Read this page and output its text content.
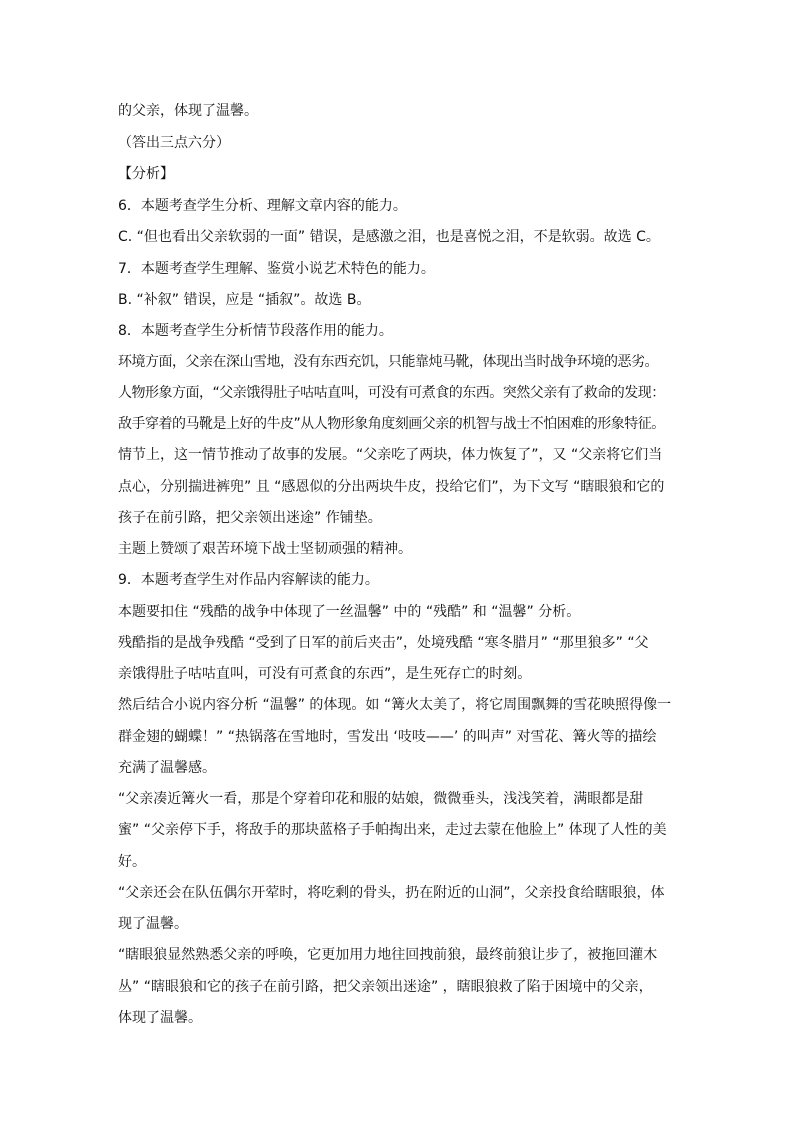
的父亲，体现了温馨。
（答出三点六分）
【分析】
6．本题考查学生分析、理解文章内容的能力。
C. “但也看出父亲软弱的一面” 错误，是感激之泪，也是喜悦之泪，不是软弱。故选 C。
7．本题考查学生理解、鉴赏小说艺术特色的能力。
B. “补叙” 错误，应是 “插叙”。故选 B。
8．本题考查学生分析情节段落作用的能力。
环境方面，父亲在深山雪地，没有东西充饥，只能靠炖马靴，体现出当时战争环境的恶劣。
人物形象方面，“父亲饿得肚子咕咕直叫，可没有可煮食的东西。突然父亲有了救命的发现：
敌手穿着的马靴是上好的牛皮”从人物形象角度刻画父亲的机智与战士不怕困难的形象特征。
情节上，这一情节推动了故事的发展。“父亲吃了两块，体力恢复了”，又 “父亲将它们当
点心，分别揣进裤兜” 且 “感恩似的分出两块牛皮，投给它们”，为下文写 “瞎眼狼和它的
孩子在前引路，把父亲领出迷途” 作铺垫。
主题上赞颂了艰苦环境下战士坚韧顽强的精神。
9．本题考查学生对作品内容解读的能力。
本题要扣住 “残酷的战争中体现了一丝温馨” 中的 “残酷” 和 “温馨” 分析。
残酷指的是战争残酷 “受到了日军的前后夹击”，处境残酷 “寒冬腊月” “那里狼多” “父
亲饿得肚子咕咕直叫，可没有可煮食的东西”，是生死存亡的时刻。
然后结合小说内容分析 “温馨” 的体现。如 “篝火太美了，将它周围飘舞的雪花映照得像一
群金翅的蝴蝶！” “热锅落在雪地时，雪发出 ‘吱吱——’ 的叫声” 对雪花、篝火等的描绘
充满了温馨感。
“父亲凑近篝火一看，那是个穿着印花和服的姑娘，微微垂头，浅浅笑着，满眼都是甜
蜜” “父亲停下手，将敌手的那块蓝格子手帕掏出来，走过去蒙在他脸上” 体现了人性的美
好。
“父亲还会在队伍偶尔开荤时，将吃剩的骨头，扔在附近的山洞”，父亲投食给瞎眼狼，体
现了温馨。
“瞎眼狼显然熟悉父亲的呼唤，它更加用力地往回拽前狼，最终前狼让步了，被拖回灌木
丛” “瞎眼狼和它的孩子在前引路，把父亲领出迷途” ，瞎眼狼救了陷于困境中的父亲，
体现了温馨。
